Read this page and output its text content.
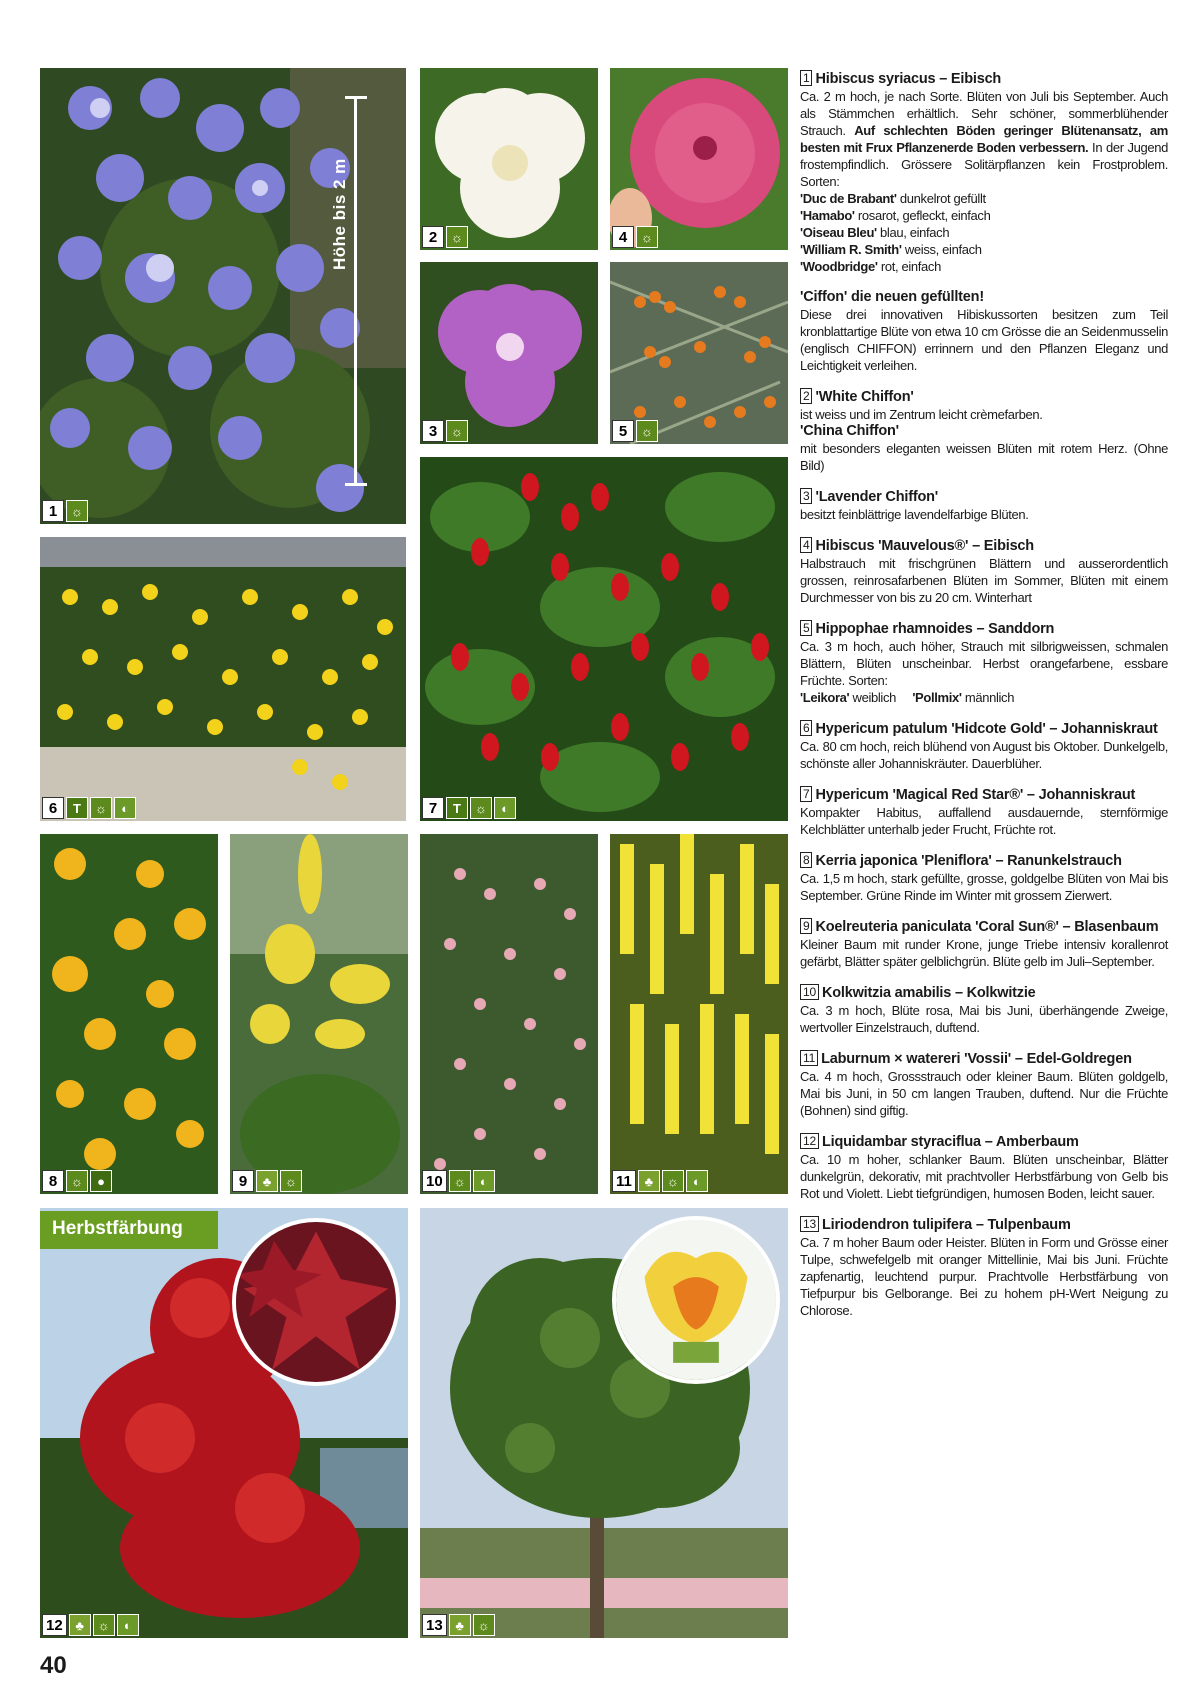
1	☼
Höhe bis 2 m	2	☼	4	☼
3	☼	5	☼
6	T	☼	◐	7	T	☼	◐
8	☼	●	9	♣	☼	10 ☼	◐	11 ♣	☼	◐
12 ♣	☼	◐
Herbstfärbung
13 ♣	☼
1 Hibiscus syriacus – Eibisch

Ca. 2 m hoch, je nach Sorte. Blüten von Juli bis September. Auch als Stämmchen erhältlich. Sehr schöner, sommerblühender Strauch. Auf schlechten Böden geringer Blütenansatz, am besten mit Frux Pflanzenerde Boden verbessern. In der Jugend frostempfindlich. Grössere Solitärpflanzen kein Frostproblem. Sorten:

'Duc de Brabant' dunkelrot gefüllt
'Hamabo' rosarot, gefleckt, einfach
'Oiseau Bleu' blau, einfach
'William R. Smith' weiss, einfach
'Woodbridge' rot, einfach

'Ciffon' die neuen gefüllten!

Diese drei innovativen Hibiskussorten besitzen zum Teil kronblattartige Blüte von etwa 10 cm Grösse die an Seidenmusselin (englisch CHIFFON) errinnern und den Pflanzen Eleganz und Leichtigkeit verleihen.

2 'White Chiffon'

ist weiss und im Zentrum leicht crèmefarben.

'China Chiffon'

mit besonders eleganten weissen Blüten mit rotem Herz. (Ohne Bild)

3 'Lavender Chiffon'

besitzt feinblättrige lavendelfarbige Blüten.

4 Hibiscus 'Mauvelous®' – Eibisch

Halbstrauch mit frischgrünen Blättern und ausserordentlich grossen, reinrosafarbenen Blüten im Sommer, Blüten mit einem Durchmesser von bis zu 20 cm. Winterhart

5 Hippophae rhamnoides – Sanddorn

Ca. 3 m hoch, auch höher, Strauch mit silbrigweissen, schmalen Blättern, Blüten unscheinbar. Herbst orangefarbene, essbare Früchte. Sorten:

'Leikora' weiblich 'Pollmix' männlich

6 Hypericum patulum 'Hidcote Gold' – Johanniskraut

Ca. 80 cm hoch, reich blühend von August bis Oktober. Dunkelgelb, schönste aller Johanniskräuter. Dauerblüher.

7 Hypericum 'Magical Red Star®' – Johanniskraut

Kompakter Habitus, auffallend ausdauernde, sternförmige Kelchblätter unterhalb jeder Frucht, Früchte rot.

8 Kerria japonica 'Pleniflora' – Ranunkelstrauch

Ca. 1,5 m hoch, stark gefüllte, grosse, goldgelbe Blüten von Mai bis September. Grüne Rinde im Winter mit grossem Zierwert.

9 Koelreuteria paniculata 'Coral Sun®' – Blasenbaum

Kleiner Baum mit runder Krone, junge Triebe intensiv korallenrot gefärbt, Blätter später gelblichgrün. Blüte gelb im Juli–September.

10 Kolkwitzia amabilis – Kolkwitzie

Ca. 3 m hoch, Blüte rosa, Mai bis Juni, überhängende Zweige, wertvoller Einzelstrauch, duftend.

11 Laburnum × watereri 'Vossii' – Edel-Goldregen

Ca. 4 m hoch, Grossstrauch oder kleiner Baum. Blüten goldgelb, Mai bis Juni, in 50 cm langen Trauben, duftend. Nur die Früchte (Bohnen) sind giftig.

12 Liquidambar styraciflua – Amberbaum

Ca. 10 m hoher, schlanker Baum. Blüten unscheinbar, Blätter dunkelgrün, dekorativ, mit prachtvoller Herbstfärbung von Gelb bis Rot und Violett. Liebt tiefgründigen, humosen Boden, leicht sauer.

13 Liriodendron tulipifera – Tulpenbaum

Ca. 7 m hoher Baum oder Heister. Blüten in Form und Grösse einer Tulpe, schwefelgelb mit oranger Mittellinie, Mai bis Juni. Früchte zapfenartig, leuchtend purpur. Prachtvolle Herbstfärbung von Tiefpurpur bis Gelborange. Bei zu hohem pH-Wert Neigung zu Chlorose.

40
